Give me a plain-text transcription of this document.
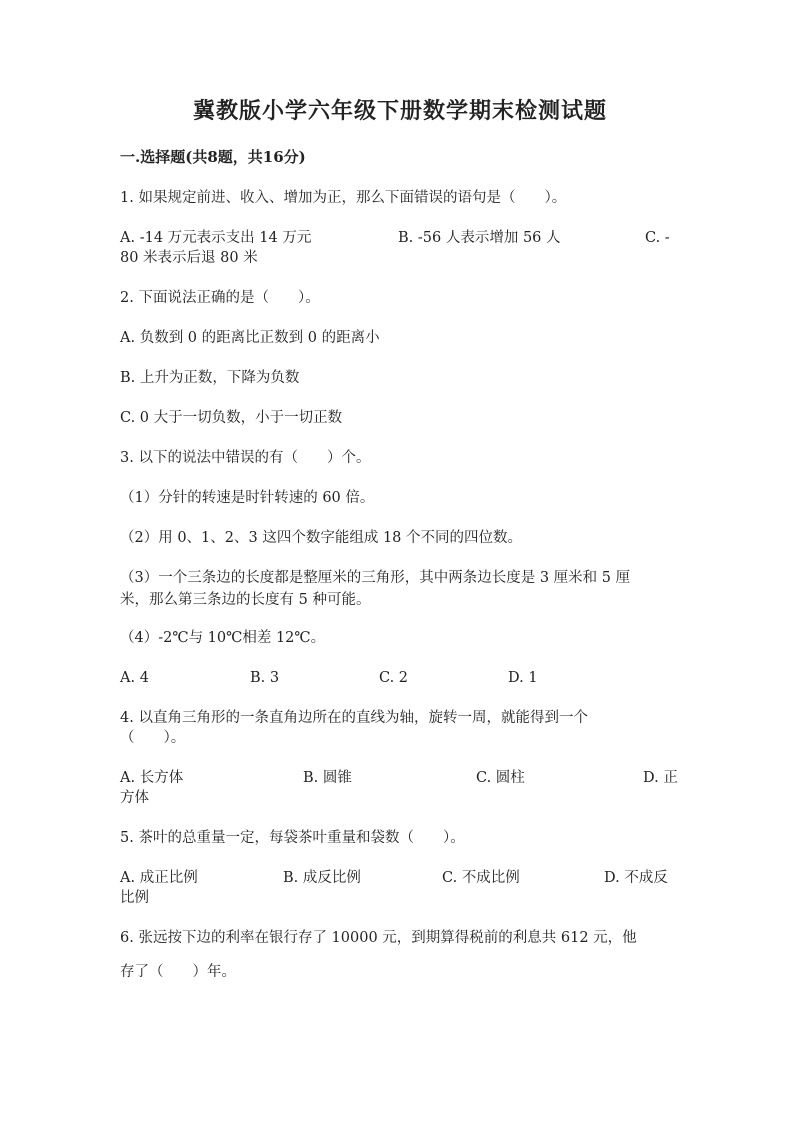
冀教版小学六年级下册数学期末检测试题
一.选择题(共8题，共16分)
1. 如果规定前进、收入、增加为正，那么下面错误的语句是（　　）。
A. -14 万元表示支出 14 万元	B. -56 人表示增加 56 人	C. -
80 米表示后退 80 米
2. 下面说法正确的是（　　）。
A. 负数到 0 的距离比正数到 0 的距离小
B. 上升为正数，下降为负数
C. 0 大于一切负数，小于一切正数
3. 以下的说法中错误的有（　　）个。
（1）分针的转速是时针转速的 60 倍。
（2）用 0、1、2、3 这四个数字能组成 18 个不同的四位数。
（3）一个三条边的长度都是整厘米的三角形，其中两条边长度是 3 厘米和 5 厘
米，那么第三条边的长度有 5 种可能。
（4）-2℃与 10℃相差 12℃。
A. 4	B. 3	C. 2	D. 1
4. 以直角三角形的一条直角边所在的直线为轴，旋转一周，就能得到一个
（　　）。
A. 长方体	B. 圆锥	C. 圆柱	D. 正
方体
5. 茶叶的总重量一定，每袋茶叶重量和袋数（　　）。
A. 成正比例	B. 成反比例	C. 不成比例	D. 不成反
比例
6. 张远按下边的利率在银行存了 10000 元，到期算得税前的利息共 612 元，他
存了（　　）年。
